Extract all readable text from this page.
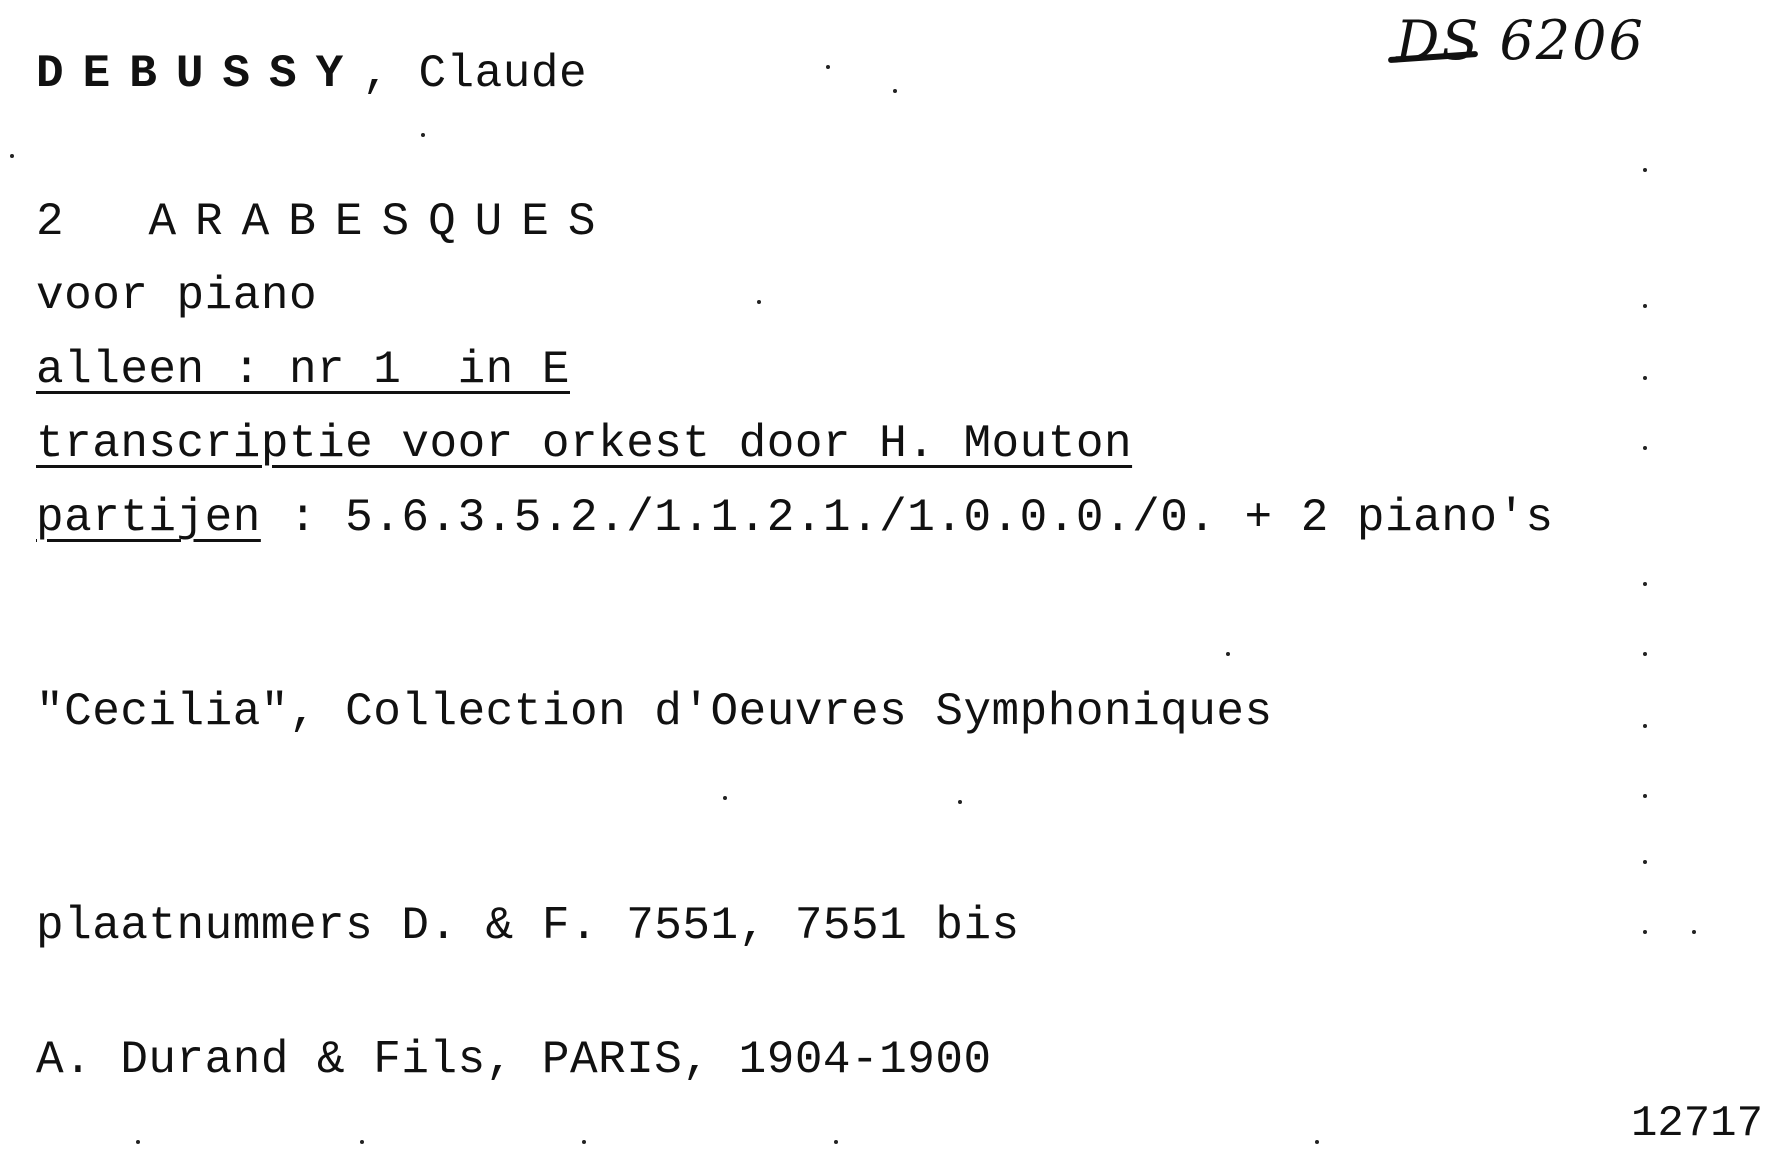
DEBUSSY, Claude
DS 6206
2 ARABESQUES
voor piano
alleen : nr 1  in E
transcriptie voor orkest door H. Mouton
partijen : 5.6.3.5.2./1.1.2.1./1.0.0.0./0. + 2 piano's
"Cecilia", Collection d'Oeuvres Symphoniques
plaatnummers D. & F. 7551, 7551 bis
A. Durand & Fils, PARIS, 1904-1900
12717
